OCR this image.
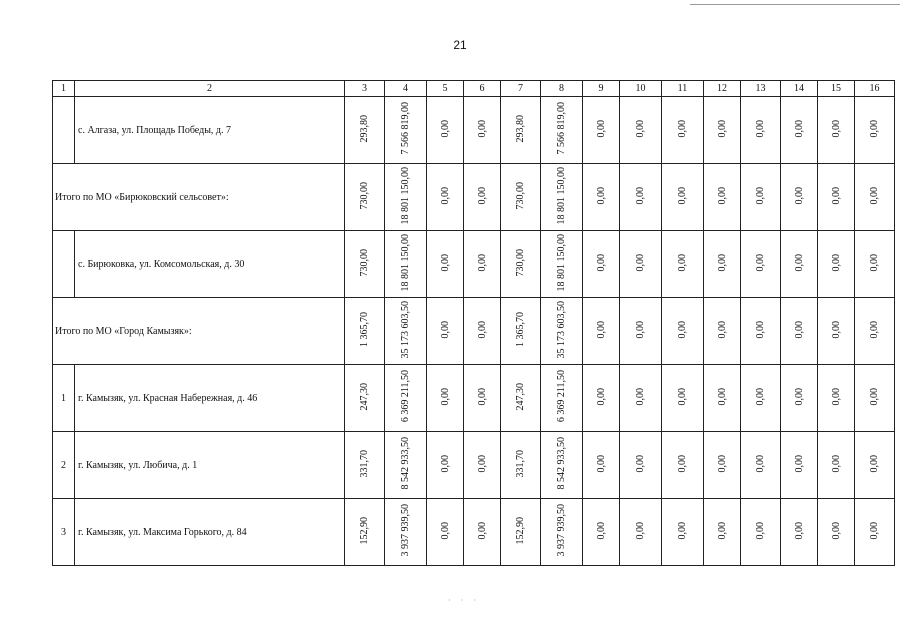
21
1	2	3	4	5	6	7	8	9	10	11	12	13	14	15	16
	с. Алгаза, ул. Площадь Победы, д. 7	293,80	7 566 819,00	0,00	0,00	293,80	7 566 819,00	0,00	0,00	0,00	0,00	0,00	0,00	0,00	0,00
Итого по МО «Бирюковский сельсовет»:		730,00	18 801 150,00	0,00	0,00	730,00	18 801 150,00	0,00	0,00	0,00	0,00	0,00	0,00	0,00	0,00
	с. Бирюковка, ул. Комсомольская, д. 30	730,00	18 801 150,00	0,00	0,00	730,00	18 801 150,00	0,00	0,00	0,00	0,00	0,00	0,00	0,00	0,00
Итого по МО «Город Камызяк»:		1 365,70	35 173 603,50	0,00	0,00	1 365,70	35 173 603,50	0,00	0,00	0,00	0,00	0,00	0,00	0,00	0,00
1	г. Камызяк, ул. Красная Набережная, д. 46	247,30	6 369 211,50	0,00	0,00	247,30	6 369 211,50	0,00	0,00	0,00	0,00	0,00	0,00	0,00	0,00
2	г. Камызяк, ул. Любича, д. 1	331,70	8 542 933,50	0,00	0,00	331,70	8 542 933,50	0,00	0,00	0,00	0,00	0,00	0,00	0,00	0,00
3	г. Камызяк, ул. Максима Горького, д. 84	152,90	3 937 939,50	0,00	0,00	152,90	3 937 939,50	0,00	0,00	0,00	0,00	0,00	0,00	0,00	0,00
· · ·
